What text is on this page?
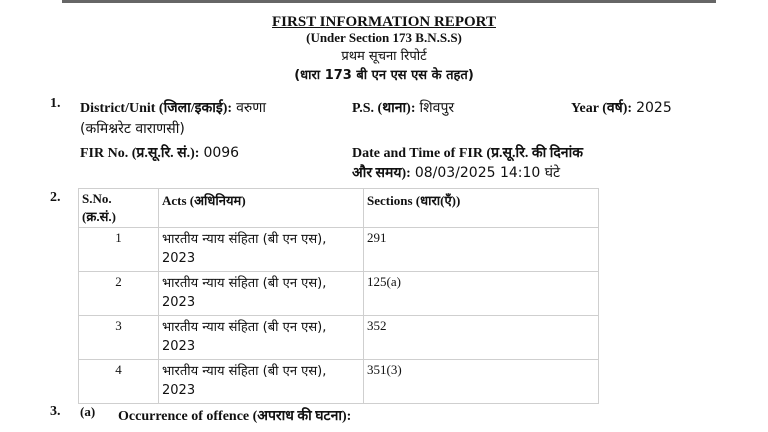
FIRST INFORMATION REPORT
(Under Section 173 B.N.S.S)
प्रथम सूचना रिपोर्ट
(धारा 173 बी एन एस एस के तहत)
1. District/Unit (जिला/इकाई): वरुणा
(कमिश्नरेट वाराणसी)
P.S. (थाना): शिवपुर	Year (वर्ष): 2025
FIR No. (प्र.सू.रि. सं.): 0096	Date and Time of FIR (प्र.सू.रि. की दिनांक
और समय): 08/03/2025 14:10 घंटे
2. S.No.
(क्र.सं.)	Acts (अधिनियम)	Sections (धारा(एँ))
1	भारतीय न्याय संहिता (बी एन एस), 2023	291
2	भारतीय न्याय संहिता (बी एन एस), 2023	125(a)
3	भारतीय न्याय संहिता (बी एन एस), 2023	352
4	भारतीय न्याय संहिता (बी एन एस), 2023	351(3)
3. (a) Occurrence of offence (अपराध की घटना):
